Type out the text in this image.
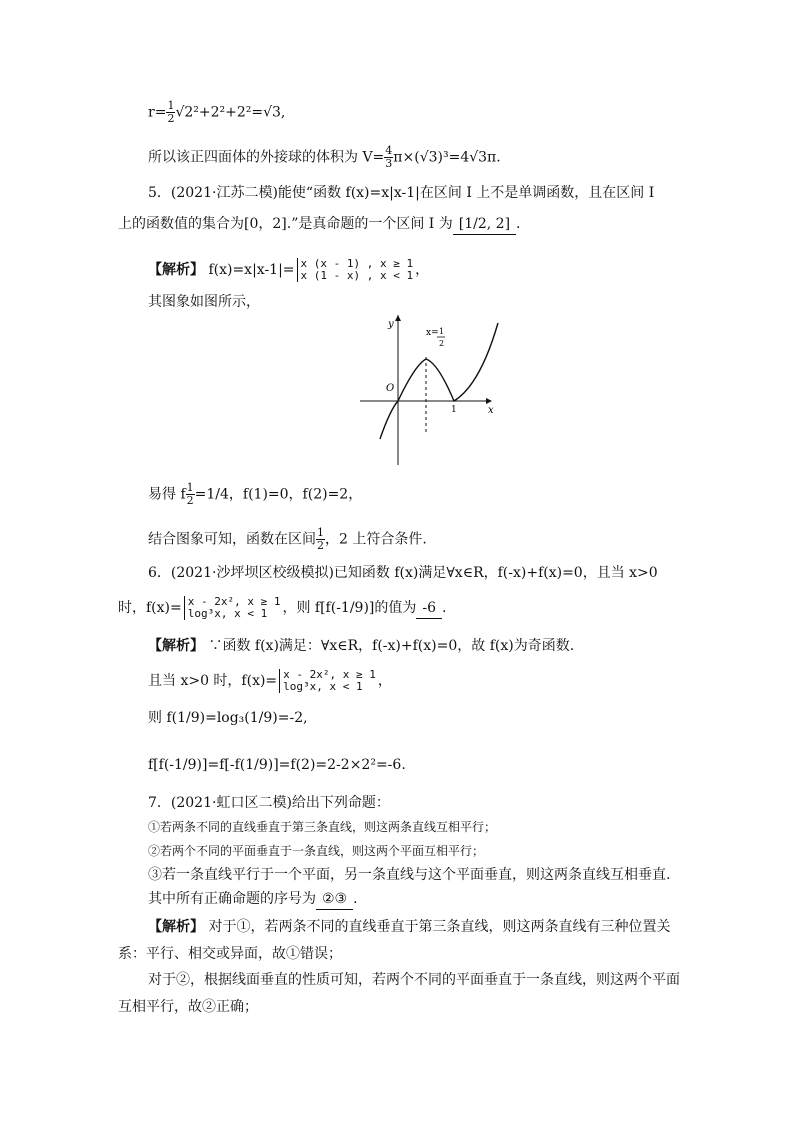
$r= \frac{1}{2} √2^2+2^2+2^2=√3$,
所以该正四面体的外接球的体积为 $V= \frac{4}{3} \pi\times(√3)^3=4√3\pi$.
5．(2021·江苏二模)能使“函数 f(x)=x|x-1|在区间 I 上不是单调函数，且在区间 I
上的函数值的集合为[0，2].”是真命题的一个区间 I 为 [1/2, 2] .
【解析】 f(x)=x|x-1|= x (x - 1) , x ≥ 1
x (1 - x) , x < 1 ，
其图象如图所示，
y
x
O
1
x= 1
2
易得 f $\frac{1}{2} =1/4$，f(1)=0，f(2)=2，
结合图象可知，函数在区间 $\frac{1}{2}$ ，2 上符合条件.
6．(2021·沙坪坝区校级模拟)已知函数 f(x)满足∀x∈R，f(-x)+f(x)=0，且当 x>0
时，f(x)= x - 2x², x ≥ 1
log³x, x < 1 ，则 f[f(-1/9)]的值为 -6 .
【解析】 ∵函数 f(x)满足：∀x∈R，f(-x)+f(x)=0，故 f(x)为奇函数.
且当 x>0 时，f(x)= x - 2x², x ≥ 1
log³x, x < 1 ，
则 f(1/9)=log₃(1/9)=-2,
f[f(-1/9)]=f[-f(1/9)]=f(2)=2-2×2²=-6.
7．(2021·虹口区二模)给出下列命题：
①若两条不同的直线垂直于第三条直线，则这两条直线互相平行；
②若两个不同的平面垂直于一条直线，则这两个平面互相平行；
③若一条直线平行于一个平面，另一条直线与这个平面垂直，则这两条直线互相垂直.
其中所有正确命题的序号为 ②③ .
【解析】 对于①，若两条不同的直线垂直于第三条直线，则这两条直线有三种位置关
系：平行、相交或异面，故①错误；
对于②，根据线面垂直的性质可知，若两个不同的平面垂直于一条直线，则这两个平面
互相平行，故②正确；
